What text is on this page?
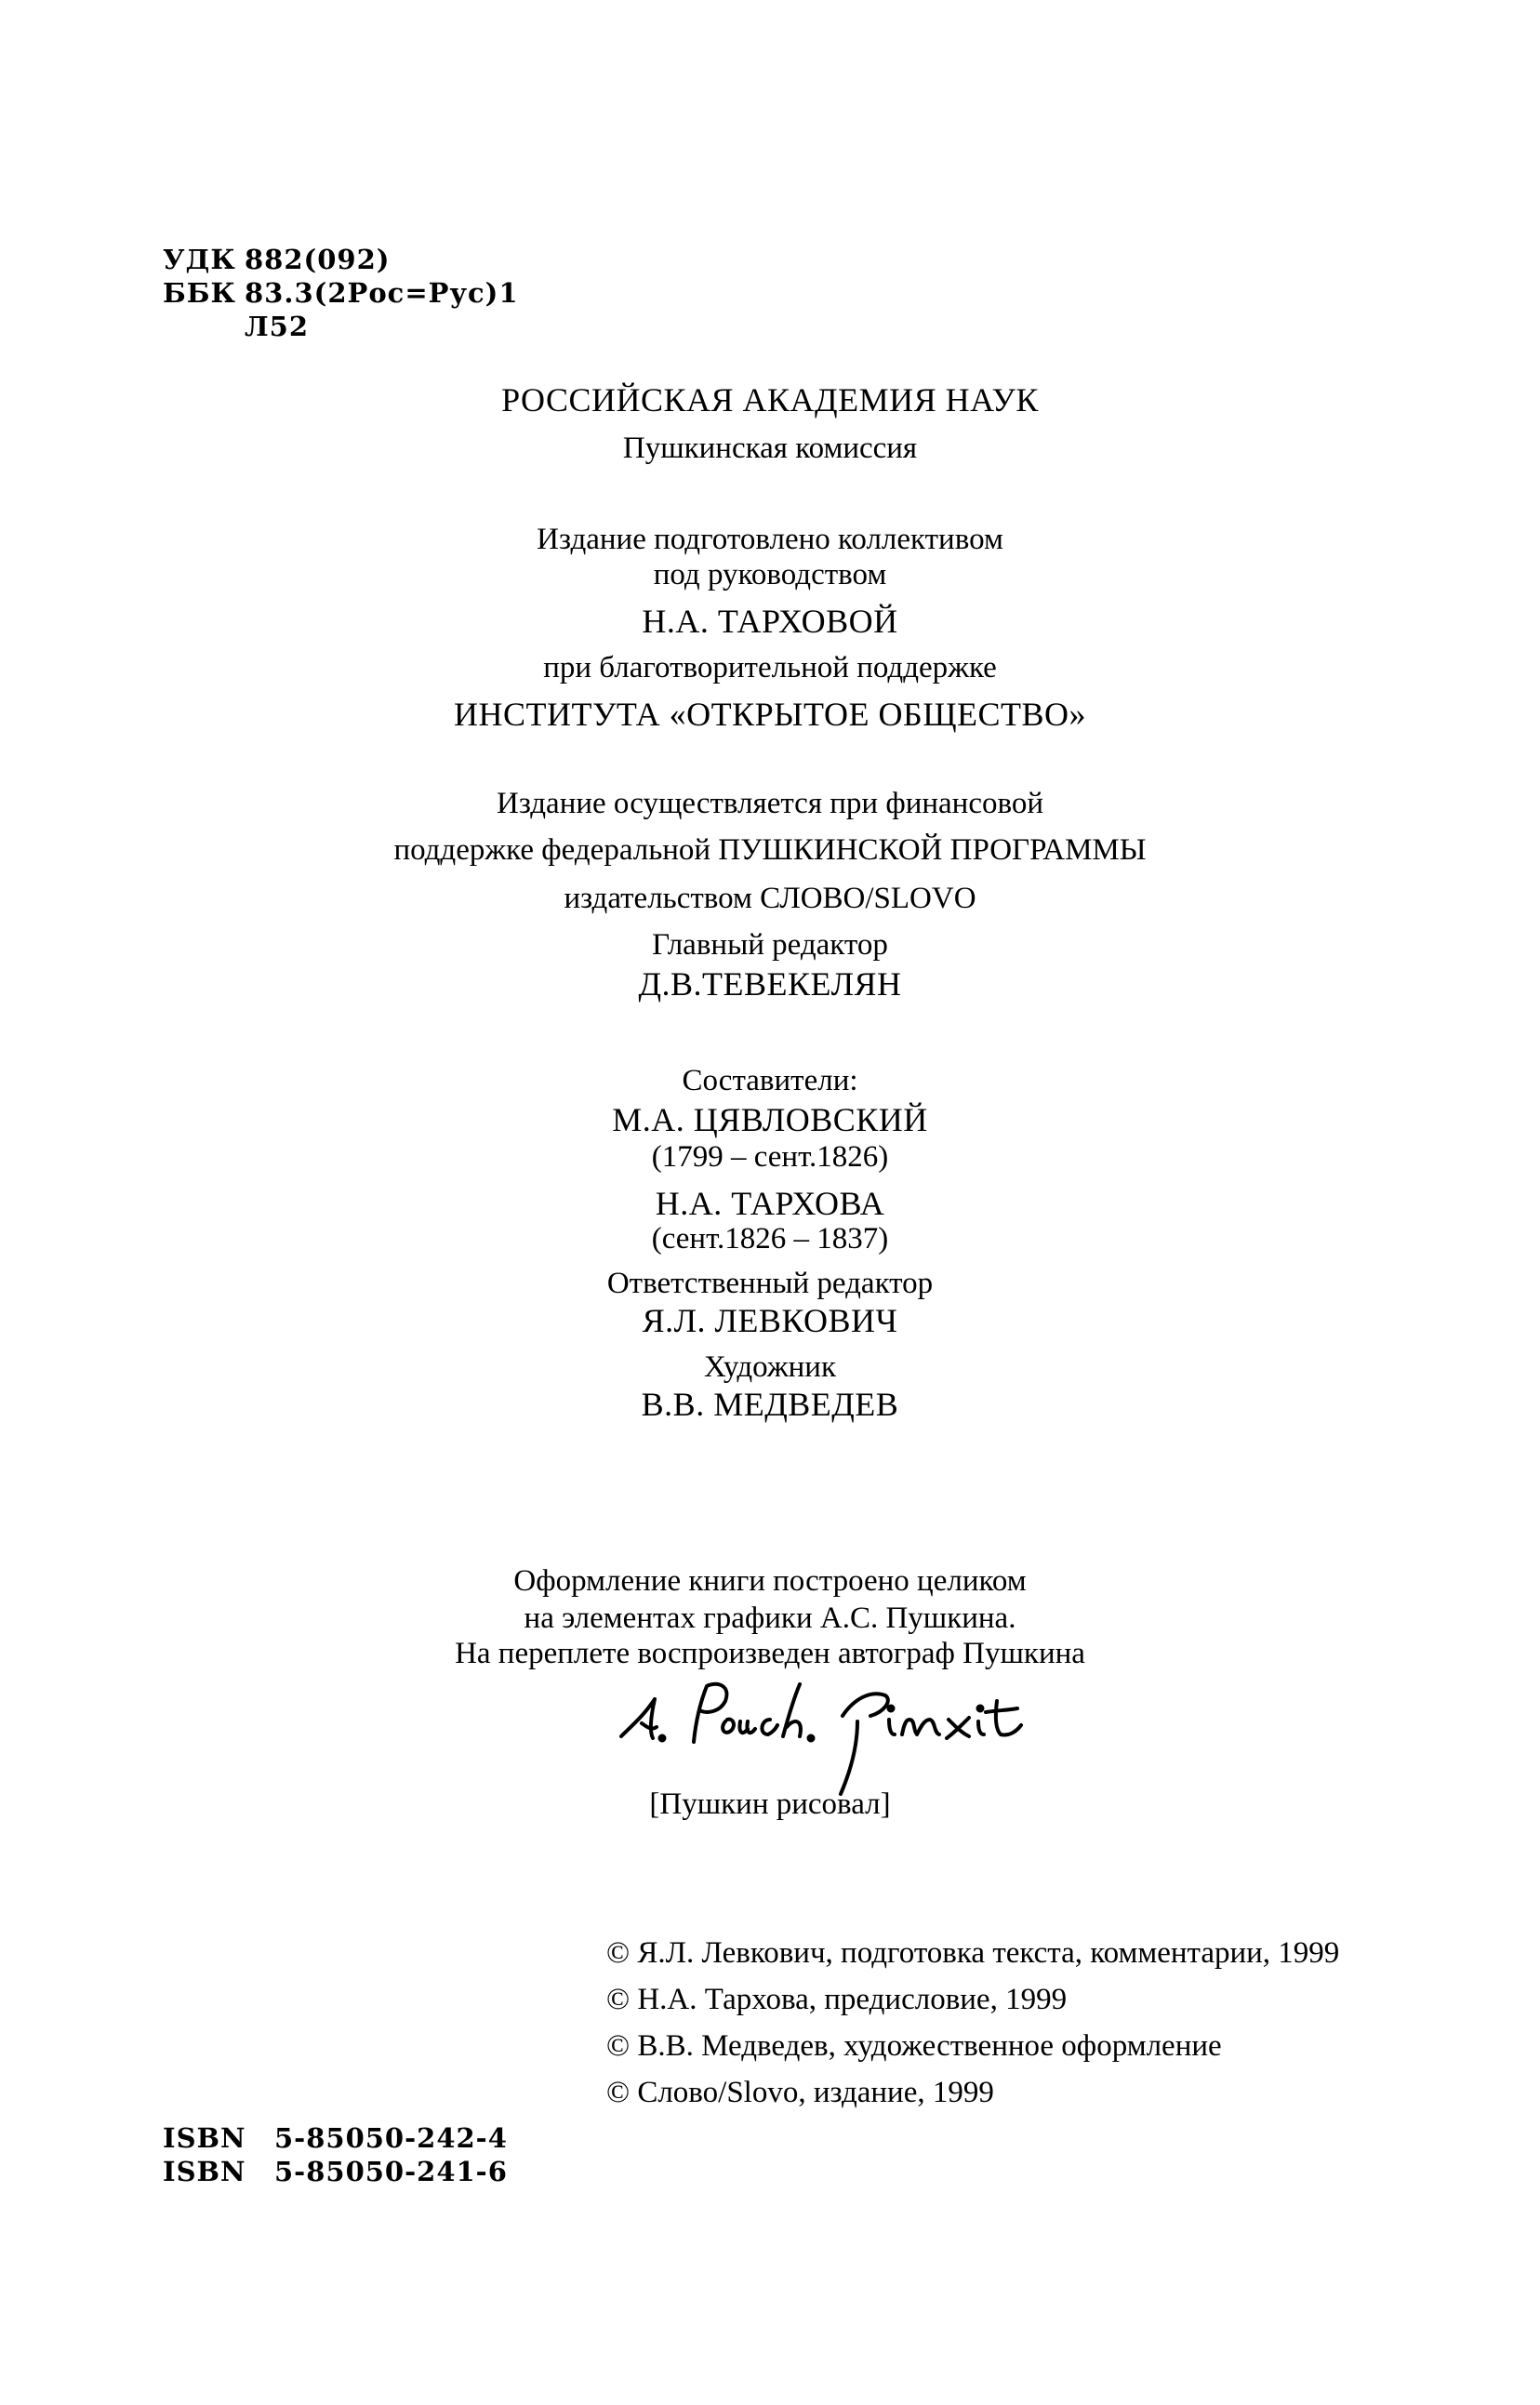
УДК 882(092)
ББК 83.3(2Рос=Рус)1
Л52
РОССИЙСКАЯ АКАДЕМИЯ НАУК
Пушкинская комиссия
Издание подготовлено коллективом
под руководством
Н.А. ТАРХОВОЙ
при благотворительной поддержке
ИНСТИТУТА «ОТКРЫТОЕ ОБЩЕСТВО»
Издание осуществляется при финансовой
поддержке федеральной ПУШКИНСКОЙ ПРОГРАММЫ
издательством СЛОВО/SLOVO
Главный редактор
Д.В.ТЕВЕКЕЛЯН
Составители:
М.А. ЦЯВЛОВСКИЙ
(1799 – сент.1826)
Н.А. ТАРХОВА
(сент.1826 – 1837)
Ответственный редактор
Я.Л. ЛЕВКОВИЧ
Художник
В.В. МЕДВЕДЕВ
Оформление книги построено целиком
на элементах графики А.С. Пушкина.
На переплете воспроизведен автограф Пушкина
[Пушкин рисовал]
© Я.Л. Левкович, подготовка текста, комментарии, 1999
© Н.А. Тархова, предисловие, 1999
© В.В. Медведев, художественное оформление
© Слово/Slovo, издание, 1999
ISBN 5-85050-242-4
ISBN 5-85050-241-6
